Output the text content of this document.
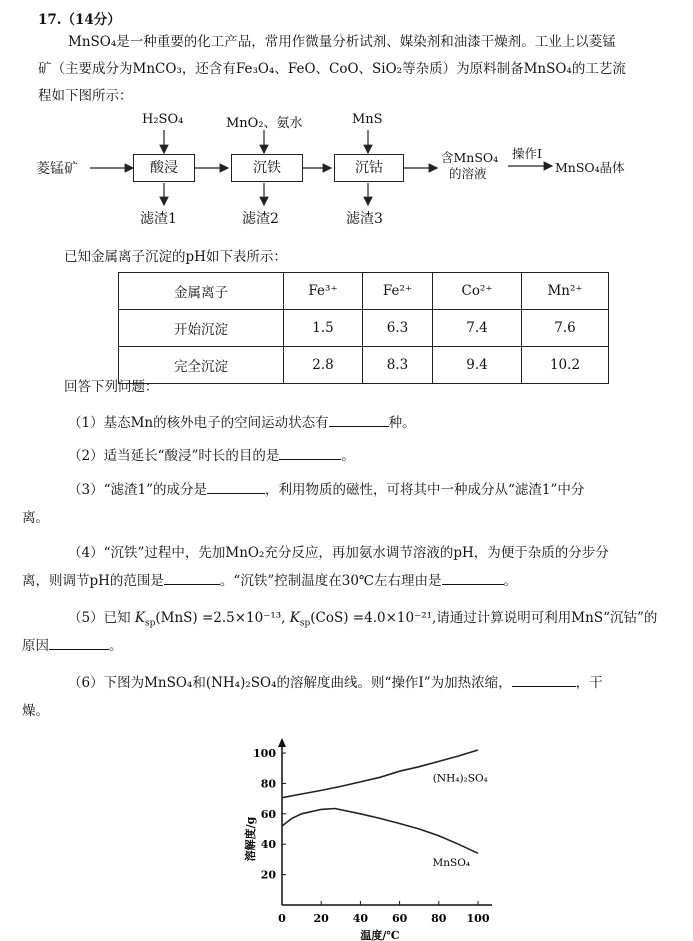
17.（14分）
MnSO₄是一种重要的化工产品，常用作微量分析试剂、媒染剂和油漆干燥剂。工业上以菱锰
矿（主要成分为MnCO₃，还含有Fe₃O₄、FeO、CoO、SiO₂等杂质）为原料制备MnSO₄的工艺流
程如下图所示：
菱锰矿	酸浸	沉铁	沉钴
H₂SO₄	MnO₂、氨水	MnS
滤渣1	滤渣2	滤渣3
含MnSO₄
的溶液
操作I
MnSO₄晶体
已知金属离子沉淀的pH如下表所示：
金属离子	Fe³⁺	Fe²⁺	Co²⁺	Mn²⁺
开始沉淀	1.5	6.3	7.4	7.6
完全沉淀	2.8	8.3	9.4	10.2
回答下列问题：
（1）基态Mn的核外电子的空间运动状态有	种。
（2）适当延长“酸浸”时长的目的是	。
（3）“滤渣1”的成分是	，利用物质的磁性，可将其中一种成分从“滤渣1”中分
离。
（4）“沉铁”过程中，先加MnO₂充分反应，再加氨水调节溶液的pH，为便于杂质的分步分
离，则调节pH的范围是	。“沉铁”控制温度在30℃左右理由是	。
（5）已知 $K_{sp}(MnS) =2.5\times 10^{-13}$, $K_{sp}(CoS) =4.0\times 10^{-21}$,请通过计算说明可利用MnS“沉钴”的
原因	。
（6）下图为MnSO₄和(NH₄)₂SO₄的溶解度曲线。则“操作I”为加热浓缩，	，干
燥。
0	20 40 60 80 100
20
40
60
80
100
(NH₄)₂SO₄
MnSO₄
温度/℃
溶解度/g
